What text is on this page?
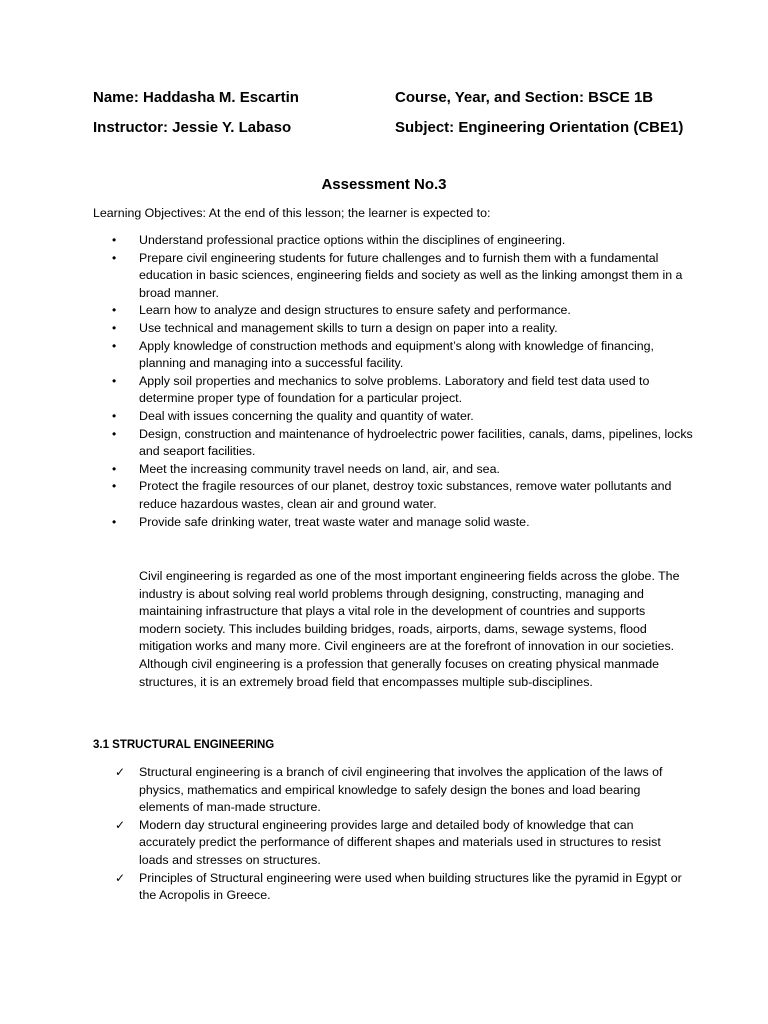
Name: Haddasha M. Escartin	Course, Year, and Section: BSCE 1B
Instructor: Jessie Y. Labaso	Subject: Engineering Orientation (CBE1)
Assessment No.3
Learning Objectives: At the end of this lesson; the learner is expected to:
• Understand professional practice options within the disciplines of engineering.
• Prepare civil engineering students for future challenges and to furnish them with a fundamental education in basic sciences, engineering fields and society as well as the linking amongst them in a broad manner.
• Learn how to analyze and design structures to ensure safety and performance.
• Use technical and management skills to turn a design on paper into a reality.
• Apply knowledge of construction methods and equipment’s along with knowledge of financing, planning and managing into a successful facility.
• Apply soil properties and mechanics to solve problems. Laboratory and field test data used to determine proper type of foundation for a particular project.
• Deal with issues concerning the quality and quantity of water.
• Design, construction and maintenance of hydroelectric power facilities, canals, dams, pipelines, locks and seaport facilities.
• Meet the increasing community travel needs on land, air, and sea.
• Protect the fragile resources of our planet, destroy toxic substances, remove water pollutants and reduce hazardous wastes, clean air and ground water.
• Provide safe drinking water, treat waste water and manage solid waste.

Civil engineering is regarded as one of the most important engineering fields across the globe. The industry is about solving real world problems through designing, constructing, managing and maintaining infrastructure that plays a vital role in the development of countries and supports modern society. This includes building bridges, roads, airports, dams, sewage systems, flood mitigation works and many more. Civil engineers are at the forefront of innovation in our societies.

Although civil engineering is a profession that generally focuses on creating physical manmade structures, it is an extremely broad field that encompasses multiple sub-disciplines.

3.1 STRUCTURAL ENGINEERING
✓ Structural engineering is a branch of civil engineering that involves the application of the laws of physics, mathematics and empirical knowledge to safely design the bones and load bearing elements of man-made structure.
✓ Modern day structural engineering provides large and detailed body of knowledge that can accurately predict the performance of different shapes and materials used in structures to resist loads and stresses on structures.
✓ Principles of Structural engineering were used when building structures like the pyramid in Egypt or the Acropolis in Greece.
